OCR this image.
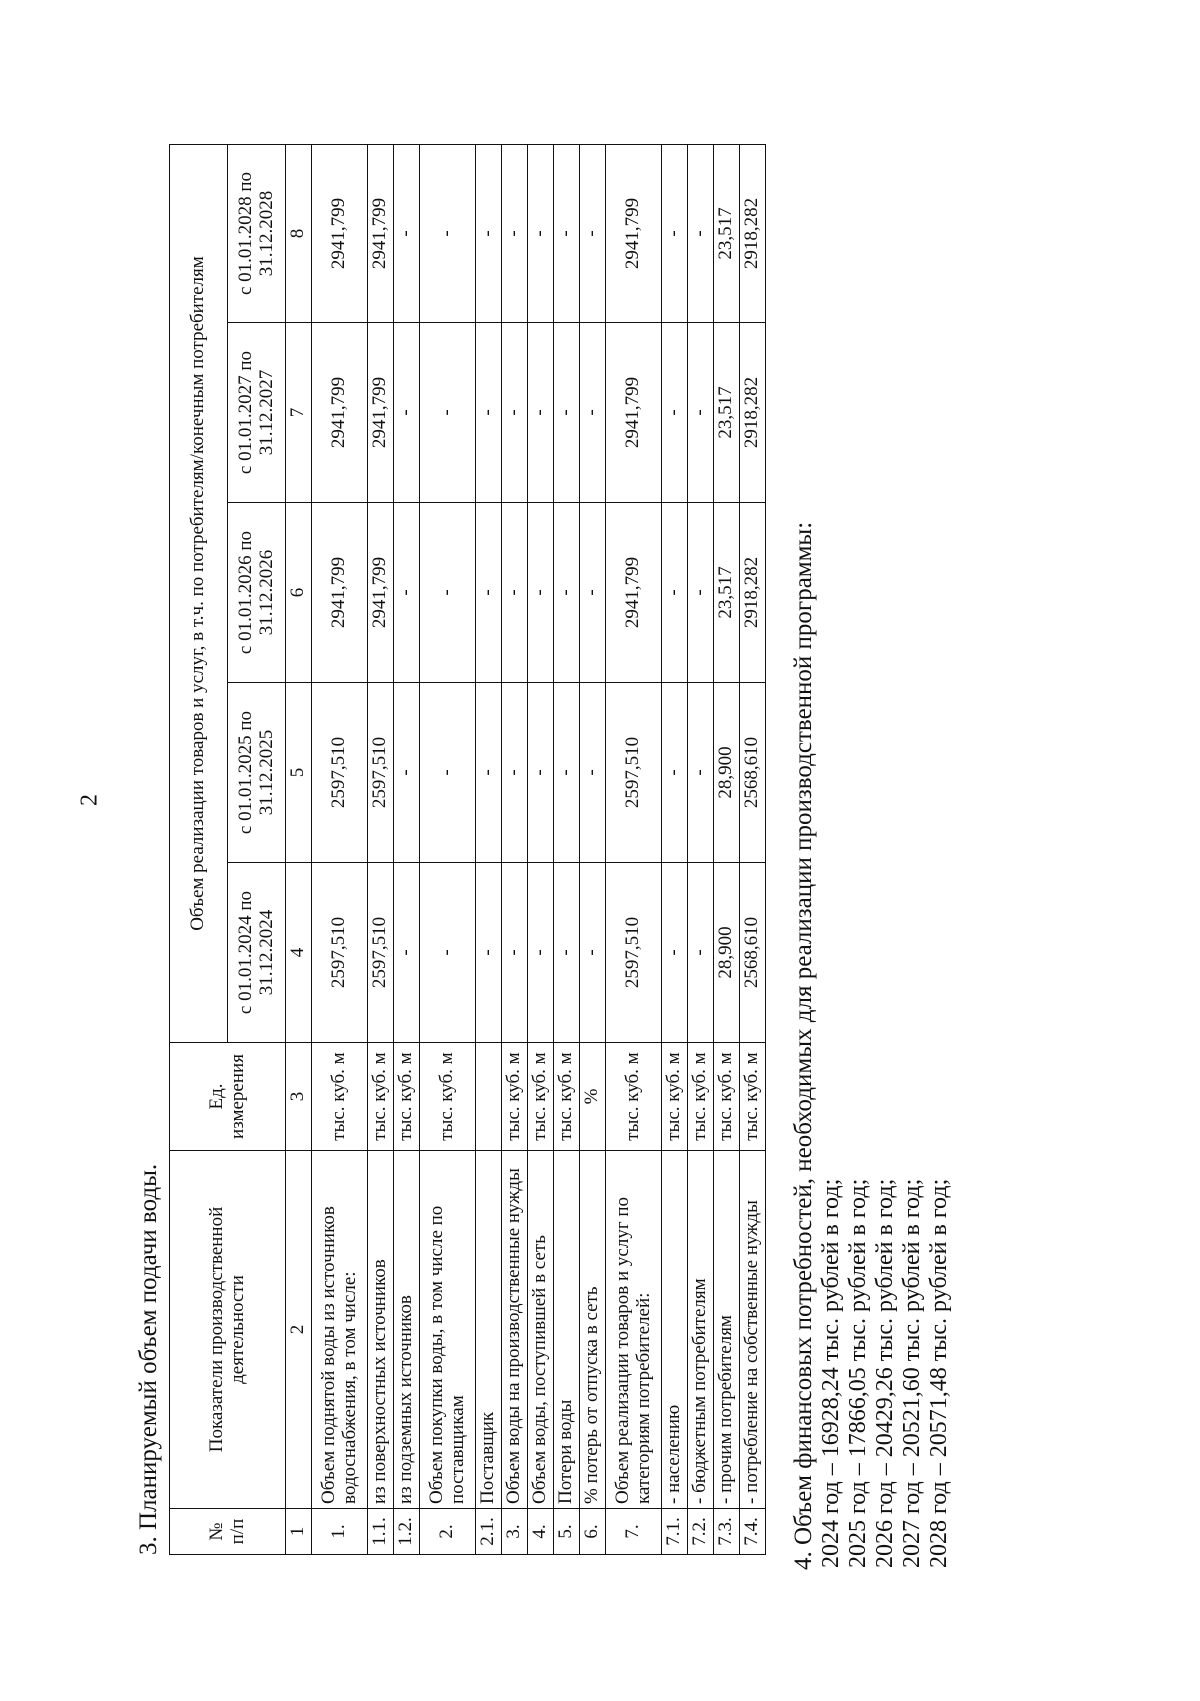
2
3. Планируемый объем подачи воды. № п/п	Показатели производственной деятельности	Ед. измерения	Объем реализации товаров и услуг, в т.ч. по потребителям/конечным потребителям				
			с 01.01.2024 по 31.12.2024	с 01.01.2025 по 31.12.2025	с 01.01.2026 по 31.12.2026	с 01.01.2027 по 31.12.2027	с 01.01.2028 по 31.12.2028
1	2	3	4	5	6	7	8
1.	Объем поднятой воды из источников водоснабжения, в том числе:	тыс. куб. м	2597,510	2597,510	2941,799	2941,799	2941,799
1.1.	из поверхностных источников	тыс. куб. м	2597,510	2597,510	2941,799	2941,799	2941,799
1.2.	из подземных источников	тыс. куб. м	-	-	-	-	-
2.	Объем покупки воды, в том числе по поставщикам	тыс. куб. м	-	-	-	-	-
2.1.	Поставщик		-	-	-	-	-
3.	Объем воды на производственные нужды	тыс. куб. м	-	-	-	-	-
4.	Объем воды, поступившей в сеть	тыс. куб. м	-	-	-	-	-
5.	Потери воды	тыс. куб. м	-	-	-	-	-
6.	% потерь от отпуска в сеть	%	-	-	-	-	-
7.	Объем реализации товаров и услуг по категориям потребителей:	тыс. куб. м	2597,510	2597,510	2941,799	2941,799	2941,799
7.1.	- населению	тыс. куб. м	-	-	-	-	-
7.2.	- бюджетным потребителям	тыс. куб. м	-	-	-	-	-
7.3.	- прочим потребителям	тыс. куб. м	28,900	28,900	23,517	23,517	23,517
7.4.	- потребление на собственные нужды	тыс. куб. м	2568,610	2568,610	2918,282	2918,282	2918,282
4. Объем финансовых потребностей, необходимых для реализации производственной программы: 2024 год – 16928,24 тыс. рублей в год; 2025 год – 17866,05 тыс. рублей в год; 2026 год – 20429,26 тыс. рублей в год; 2027 год – 20521,60 тыс. рублей в год; 2028 год – 20571,48 тыс. рублей в год;
